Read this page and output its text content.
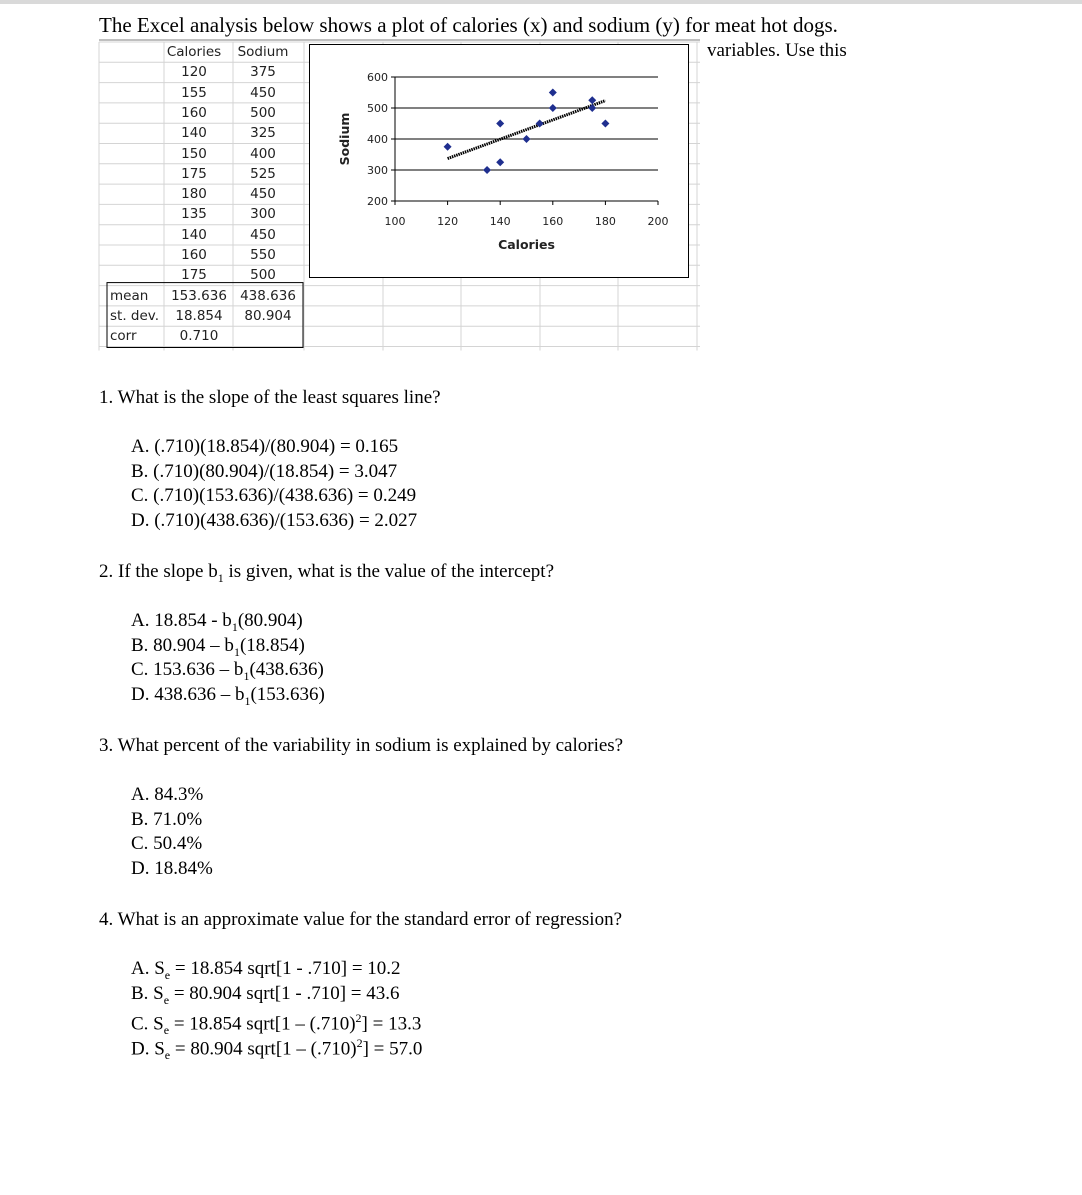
The Excel analysis below shows a plot of calories (x) and sodium (y) for meat hot dogs.
variables. Use this
Calories	Sodium
120	375
155	450
160	500
140	325
150	400
175	525
180	450
135	300
140	450
160	550
175	500
mean	153.636 438.636
st. dev.	18.854	80.904
corr	0.710
600
500
400
300
200
100	120	140	160	180	200
Calories
Sodium
1. What is the slope of the least squares line?
A. (.710)(18.854)/(80.904) = 0.165
B. (.710)(80.904)/(18.854) = 3.047
C. (.710)(153.636)/(438.636) = 0.249
D. (.710)(438.636)/(153.636) = 2.027
2. If the slope $b_1$ is given, what is the value of the intercept?
A. $18.854 - b_1(80.904)$
B. $80.904 - b_1(18.854)$
C. $153.636 - b_1(438.636)$
D. $438.636 - b_1(153.636)$
3. What percent of the variability in sodium is explained by calories?
A. 84.3%
B. 71.0%
C. 50.4%
D. 18.84%
4. What is an approximate value for the standard error of regression?
A. $S_e = 18.854$ sqrt[1 - .710] = 10.2
B. $S_e = 80.904$ sqrt[1 - .710] = 43.6
C. $S_e = 18.854$ sqrt[1 – $(.710)^2] = 13.3$
D. $S_e = 80.904$ sqrt[1 – $(.710)^2] = 57.0$
